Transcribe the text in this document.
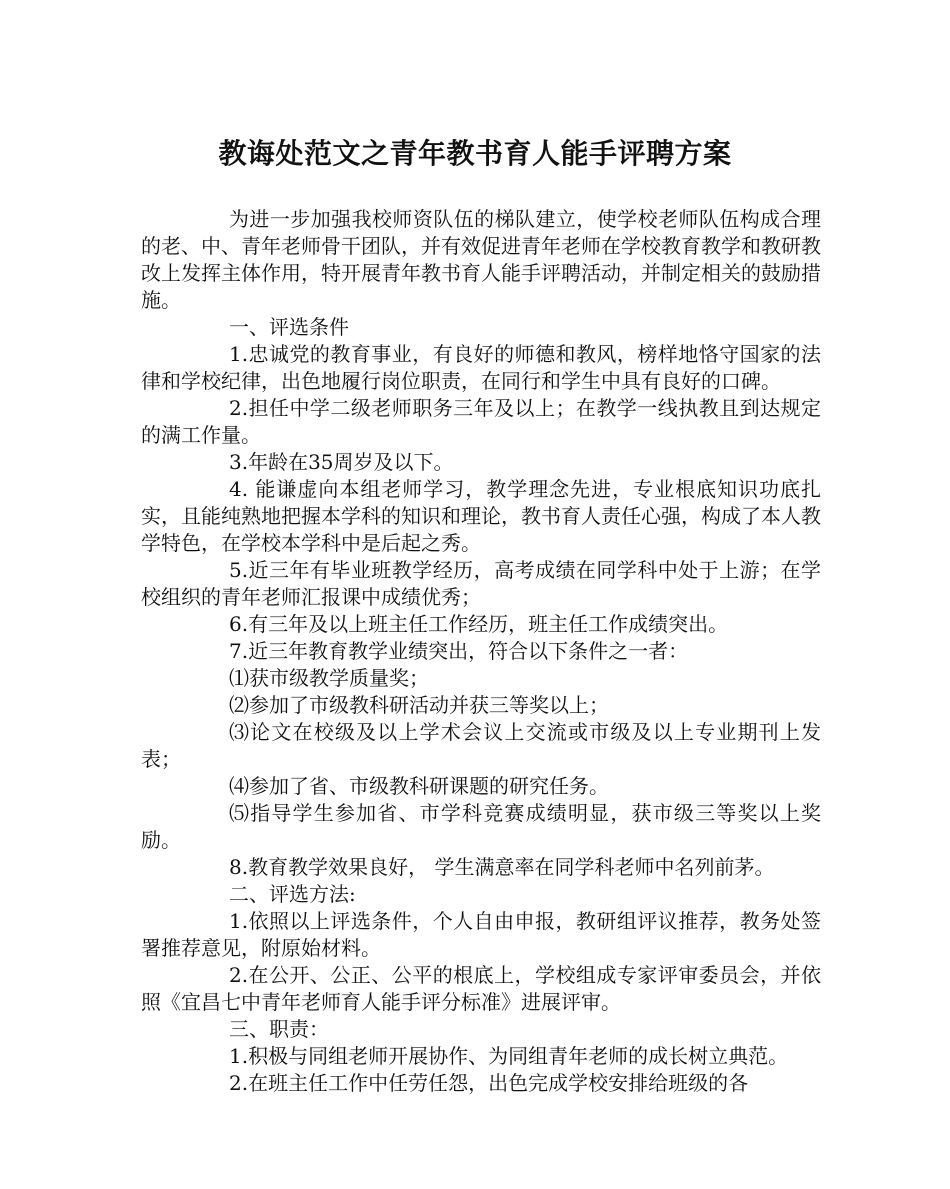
教诲处范文之青年教书育人能手评聘方案

为进一步加强我校师资队伍的梯队建立，使学校老师队伍构成合理的老、中、青年老师骨干团队，并有效促进青年老师在学校教育教学和教研教改上发挥主体作用，特开展青年教书育人能手评聘活动，并制定相关的鼓励措施。

一、评选条件

1.忠诚党的教育事业，有良好的师德和教风，榜样地恪守国家的法律和学校纪律，出色地履行岗位职责，在同行和学生中具有良好的口碑。

2.担任中学二级老师职务三年及以上；在教学一线执教且到达规定的满工作量。

3.年龄在35周岁及以下。

4. 能谦虚向本组老师学习，教学理念先进，专业根底知识功底扎实，且能纯熟地把握本学科的知识和理论，教书育人责任心强，构成了本人教学特色，在学校本学科中是后起之秀。

5.近三年有毕业班教学经历，高考成绩在同学科中处于上游；在学校组织的青年老师汇报课中成绩优秀；

6.有三年及以上班主任工作经历，班主任工作成绩突出。

7.近三年教育教学业绩突出，符合以下条件之一者：

⑴获市级教学质量奖；

⑵参加了市级教科研活动并获三等奖以上；

⑶论文在校级及以上学术会议上交流或市级及以上专业期刊上发表；

⑷参加了省、市级教科研课题的研究任务。

⑸指导学生参加省、市学科竞赛成绩明显，获市级三等奖以上奖励。

8.教育教学效果良好， 学生满意率在同学科老师中名列前茅。

二、评选方法:

1.依照以上评选条件，个人自由申报，教研组评议推荐，教务处签署推荐意见，附原始材料。

2.在公开、公正、公平的根底上，学校组成专家评审委员会，并依照《宜昌七中青年老师育人能手评分标准》进展评审。

三、职责：

1.积极与同组老师开展协作、为同组青年老师的成长树立典范。

2.在班主任工作中任劳任怨，出色完成学校安排给班级的各
